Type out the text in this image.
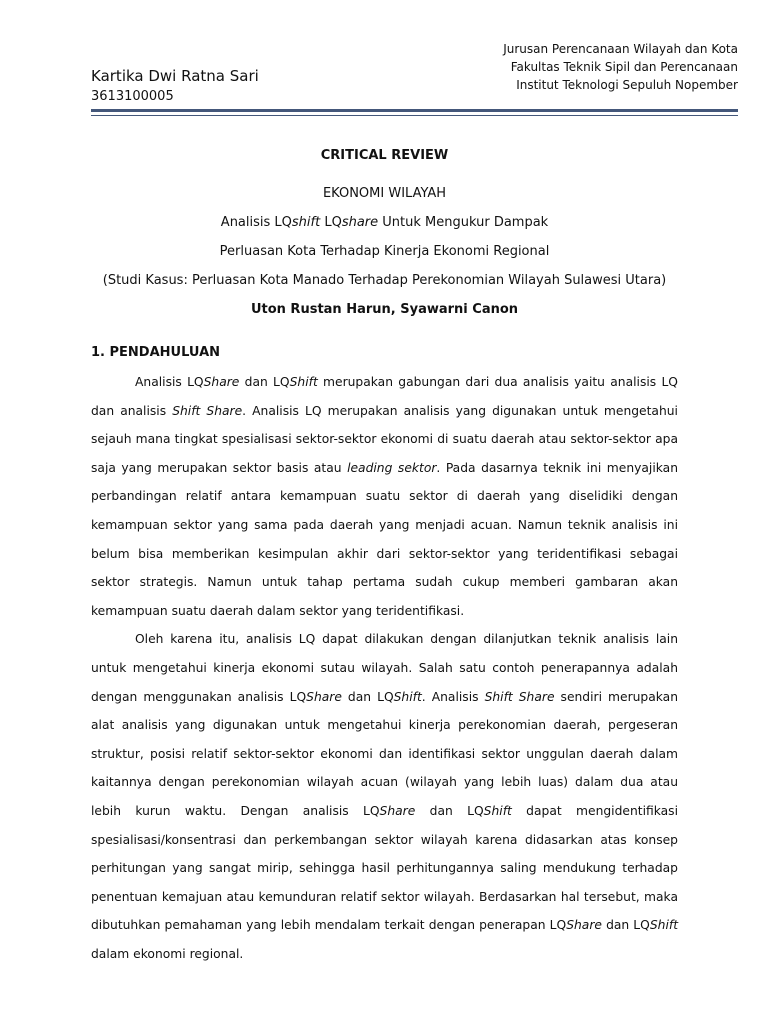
Kartika Dwi Ratna Sari
3613100005
Jurusan Perencanaan Wilayah dan Kota
Fakultas Teknik Sipil dan Perencanaan
Institut Teknologi Sepuluh Nopember
CRITICAL REVIEW
EKONOMI WILAYAH
Analisis LQshift LQshare Untuk Mengukur Dampak
Perluasan Kota Terhadap Kinerja Ekonomi Regional
(Studi Kasus: Perluasan Kota Manado Terhadap Perekonomian Wilayah Sulawesi Utara)
Uton Rustan Harun, Syawarni Canon
1. PENDAHULUAN

Analisis LQShare dan LQShift merupakan gabungan dari dua analisis yaitu analisis LQ dan analisis Shift Share. Analisis LQ merupakan analisis yang digunakan untuk mengetahui sejauh mana tingkat spesialisasi sektor-sektor ekonomi di suatu daerah atau sektor-sektor apa saja yang merupakan sektor basis atau leading sektor. Pada dasarnya teknik ini menyajikan perbandingan relatif antara kemampuan suatu sektor di daerah yang diselidiki dengan kemampuan sektor yang sama pada daerah yang menjadi acuan. Namun teknik analisis ini belum bisa memberikan kesimpulan akhir dari sektor-sektor yang teridentifikasi sebagai sektor strategis. Namun untuk tahap pertama sudah cukup memberi gambaran akan kemampuan suatu daerah dalam sektor yang teridentifikasi.

Oleh karena itu, analisis LQ dapat dilakukan dengan dilanjutkan teknik analisis lain untuk mengetahui kinerja ekonomi sutau wilayah. Salah satu contoh penerapannya adalah dengan menggunakan analisis LQShare dan LQShift. Analisis Shift Share sendiri merupakan alat analisis yang digunakan untuk mengetahui kinerja perekonomian daerah, pergeseran struktur, posisi relatif sektor-sektor ekonomi dan identifikasi sektor unggulan daerah dalam kaitannya dengan perekonomian wilayah acuan (wilayah yang lebih luas) dalam dua atau lebih kurun waktu. Dengan analisis LQShare dan LQShift dapat mengidentifikasi spesialisasi/konsentrasi dan perkembangan sektor wilayah karena didasarkan atas konsep perhitungan yang sangat mirip, sehingga hasil perhitungannya saling mendukung terhadap penentuan kemajuan atau kemunduran relatif sektor wilayah. Berdasarkan hal tersebut, maka dibutuhkan pemahaman yang lebih mendalam terkait dengan penerapan LQShare dan LQShift dalam ekonomi regional.
